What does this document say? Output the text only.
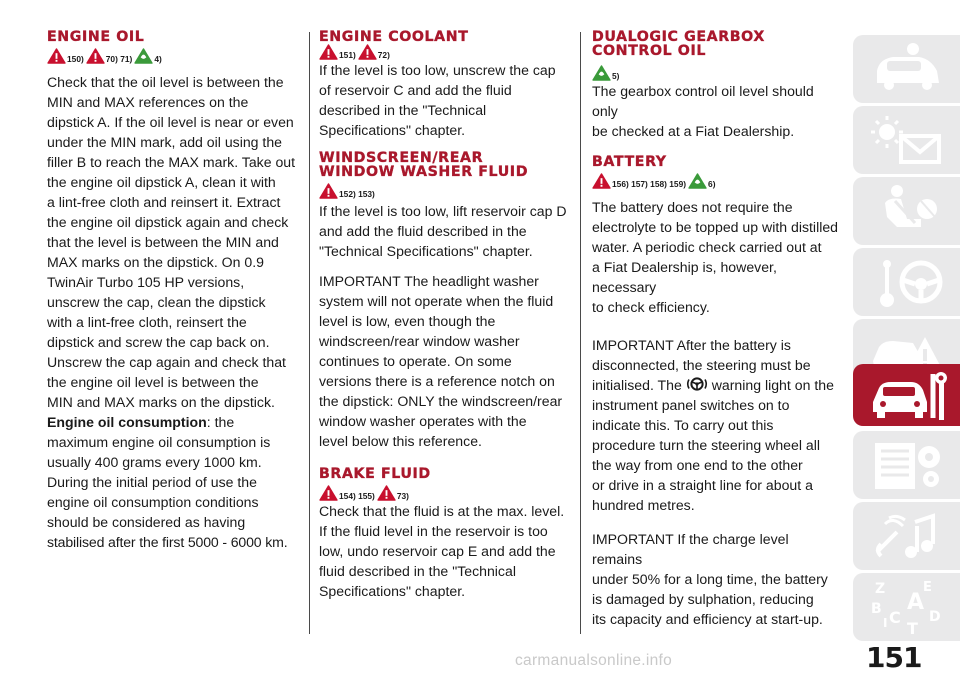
ENGINE OIL
150)	70) 71)	4)

Check that the oil level is between the
MIN and MAX references on the
dipstick A. If the oil level is near or even
under the MIN mark, add oil using the
filler B to reach the MAX mark. Take out
the engine oil dipstick A, clean it with
a lint-free cloth and reinsert it. Extract
the engine oil dipstick again and check
that the level is between the MIN and
MAX marks on the dipstick. On 0.9
TwinAir Turbo 105 HP versions,
unscrew the cap, clean the dipstick
with a lint-free cloth, reinsert the
dipstick and screw the cap back on.
Unscrew the cap again and check that
the engine oil level is between the
MIN and MAX marks on the dipstick.
Engine oil consumption: the
maximum engine oil consumption is
usually 400 grams every 1000 km.
During the initial period of use the
engine oil consumption conditions
should be considered as having
stabilised after the first 5000 - 6000 km.

ENGINE COOLANT
151)	72)

If the level is too low, unscrew the cap
of reservoir C and add the fluid
described in the "Technical
Specifications" chapter.

WINDSCREEN/REAR
WINDOW WASHER FLUID
152) 153)

If the level is too low, lift reservoir cap D
and add the fluid described in the
"Technical Specifications" chapter.

IMPORTANT The headlight washer
system will not operate when the fluid
level is low, even though the
windscreen/rear window washer
continues to operate. On some
versions there is a reference notch on
the dipstick: ONLY the windscreen/rear
window washer operates with the
level below this reference.

BRAKE FLUID
154) 155)	73)

Check that the fluid is at the max. level.
If the fluid level in the reservoir is too
low, undo reservoir cap E and add the
fluid described in the "Technical
Specifications" chapter.

DUALOGIC GEARBOX
CONTROL OIL
5)

The gearbox control oil level should only
be checked at a Fiat Dealership.

BATTERY
156) 157) 158) 159)	6)

The battery does not require the
electrolyte to be topped up with distilled
water. A periodic check carried out at
a Fiat Dealership is, however, necessary
to check efficiency.

IMPORTANT After the battery is
disconnected, the steering must be
initialised. The warning light on the
instrument panel switches on to
indicate this. To carry out this
procedure turn the steering wheel all
the way from one end to the other
or drive in a straight line for about a
hundred metres.

IMPORTANT If the charge level remains
under 50% for a long time, the battery
is damaged by sulphation, reducing
its capacity and efficiency at start-up.

Z	E
A
B C D
I T
151
carmanualsonline.info
